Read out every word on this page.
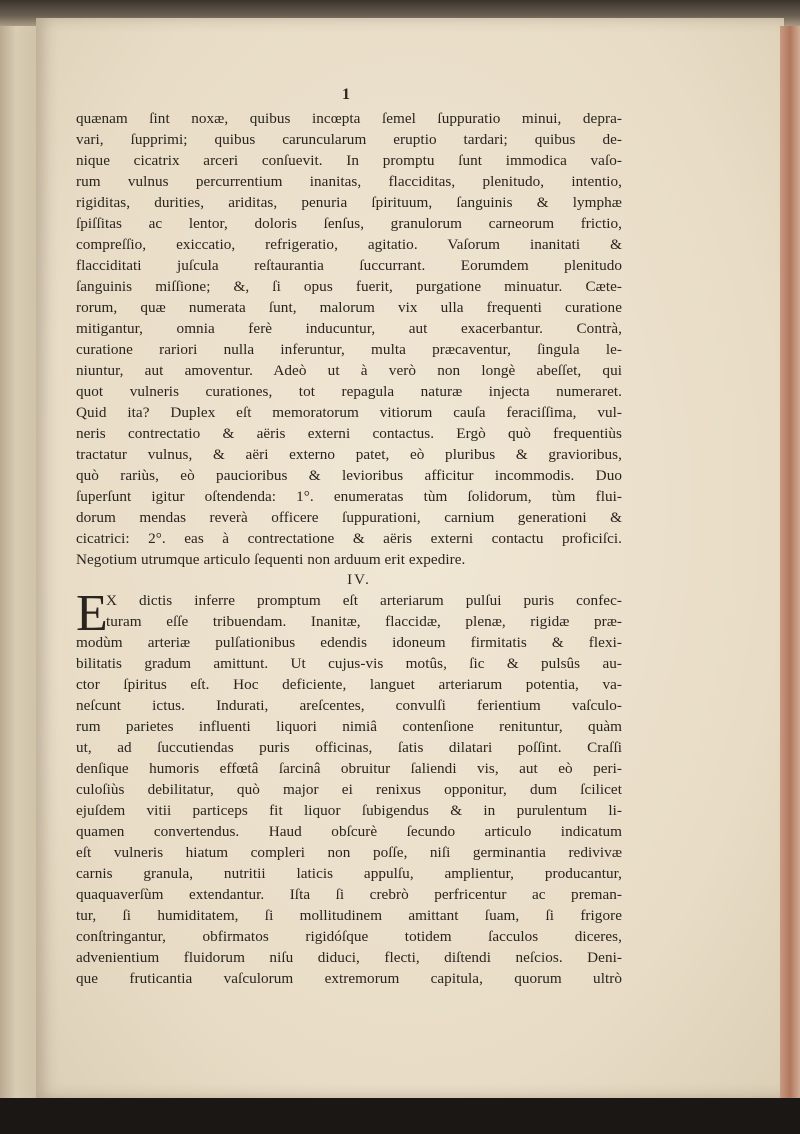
1
quænam ſint noxæ, quibus incœpta ſemel ſuppuratio minui, depra-
vari, ſupprimi; quibus caruncularum eruptio tardari; quibus de-
nique cicatrix arceri conſuevit. In promptu ſunt immodica vaſo-
rum vulnus percurrentium inanitas, flacciditas, plenitudo, intentio,
rigiditas, durities, ariditas, penuria ſpirituum, ſanguinis & lymphæ
ſpiſſitas ac lentor, doloris ſenſus, granulorum carneorum frictio,
compreſſio, exiccatio, refrigeratio, agitatio. Vaſorum inanitati &
flacciditati juſcula reſtaurantia ſuccurrant. Eorumdem plenitudo
ſanguinis miſſione; &, ſi opus fuerit, purgatione minuatur. Cæte-
rorum, quæ numerata ſunt, malorum vix ulla frequenti curatione
mitigantur, omnia ferè inducuntur, aut exacerbantur. Contrà,
curatione rariori nulla inferuntur, multa præcaventur, ſingula le-
niuntur, aut amoventur. Adeò ut à verò non longè abeſſet, qui
quot vulneris curationes, tot repagula naturæ injecta numeraret.
Quid ita? Duplex eſt memoratorum vitiorum cauſa feraciſſima, vul-
neris contrectatio & aëris externi contactus. Ergò quò frequentiùs
tractatur vulnus, & aëri externo patet, eò pluribus & gravioribus,
quò rariùs, eò paucioribus & levioribus afficitur incommodis. Duo
ſuperſunt igitur oſtendenda: 1°. enumeratas tùm ſolidorum, tùm flui-
dorum mendas reverà officere ſuppurationi, carnium generationi &
cicatrici: 2°. eas à contrectatione & aëris externi contactu proficiſci.
Negotium utrumque articulo ſequenti non arduum erit expedire.
IV.
E
X dictis inferre promptum eſt arteriarum pulſui puris confec-
turam eſſe tribuendam. Inanitæ, flaccidæ, plenæ, rigidæ præ-
modùm arteriæ pulſationibus edendis idoneum firmitatis & flexi-
bilitatis gradum amittunt. Ut cujus-vis motûs, ſic & pulsûs au-
ctor ſpiritus eſt. Hoc deficiente, languet arteriarum potentia, va-
neſcunt ictus. Indurati, areſcentes, convulſi ferientium vaſculo-
rum parietes influenti liquori nimiâ contenſione renituntur, quàm
ut, ad ſuccutiendas puris officinas, ſatis dilatari poſſint. Craſſi
denſique humoris effœtâ ſarcinâ obruitur ſaliendi vis, aut eò peri-
culoſiùs debilitatur, quò major ei renixus opponitur, dum ſcilicet
ejuſdem vitii particeps fit liquor ſubigendus & in purulentum li-
quamen convertendus. Haud obſcurè ſecundo articulo indicatum
eſt vulneris hiatum compleri non poſſe, niſi germinantia redivivæ
carnis granula, nutritii laticis appulſu, amplientur, producantur,
quaquaverſùm extendantur. Iſta ſi crebrò perfricentur ac preman-
tur, ſi humiditatem, ſi mollitudinem amittant ſuam, ſi frigore
conſtringantur, obfirmatos rigidóſque totidem ſacculos diceres,
advenientium fluidorum niſu diduci, flecti, diſtendi neſcios. Deni-
que fruticantia vaſculorum extremorum capitula, quorum ultrò
